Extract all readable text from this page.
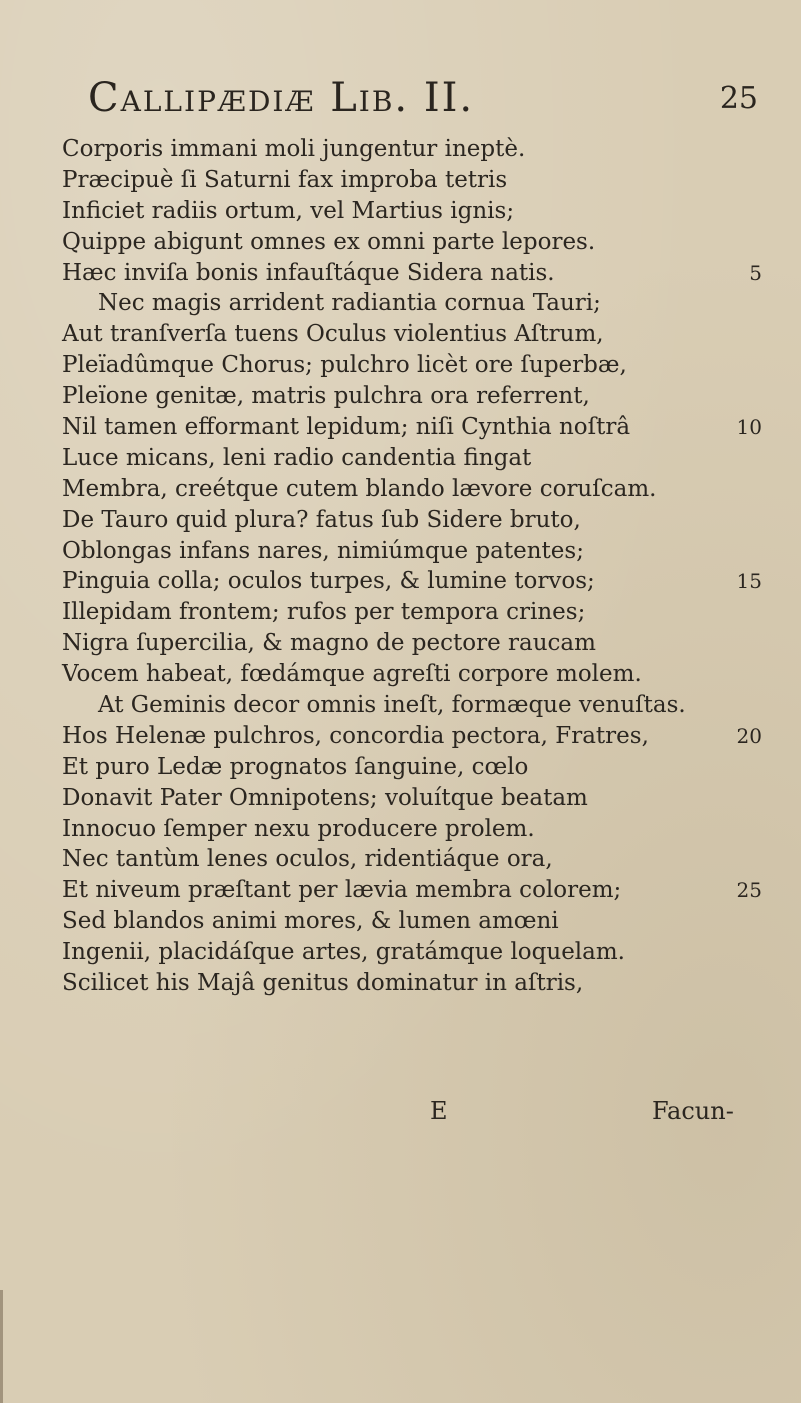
Callipædiæ Lib. II.	25
Corporis immani moli jungentur ineptè.
Præcipuè ſi Saturni fax improba tetris
Inficiet radiis ortum, vel Martius ignis;
Quippe abigunt omnes ex omni parte lepores.
Hæc inviſa bonis infauſtáque Sidera natis.	5
Nec magis arrident radiantia cornua Tauri;
Aut tranſverſa tuens Oculus violentius Aſtrum,
Pleïadûmque Chorus; pulchro licèt ore ſuperbæ,
Pleïone genitæ, matris pulchra ora referrent,
Nil tamen efformant lepidum; niſi Cynthia noſtrâ	10
Luce micans, leni radio candentia fingat
Membra, creétque cutem blando lævore coruſcam.
De Tauro quid plura? fatus ſub Sidere bruto,
Oblongas infans nares, nimiúmque patentes;
Pinguia colla; oculos turpes, & lumine torvos;	15
Illepidam frontem; rufos per tempora crines;
Nigra ſupercilia, & magno de pectore raucam
Vocem habeat, fœdámque agreſti corpore molem.
At Geminis decor omnis ineſt, formæque venuſtas.
Hos Helenæ pulchros, concordia pectora, Fratres,	20
Et puro Ledæ prognatos ſanguine, cœlo
Donavit Pater Omnipotens; voluítque beatam
Innocuo ſemper nexu producere prolem.
Nec tantùm lenes oculos, ridentiáque ora,
Et niveum præſtant per lævia membra colorem;	25
Sed blandos animi mores, & lumen amœni
Ingenii, placidáſque artes, gratámque loquelam.
Scilicet his Majâ genitus dominatur in aſtris,
E	Facun-
